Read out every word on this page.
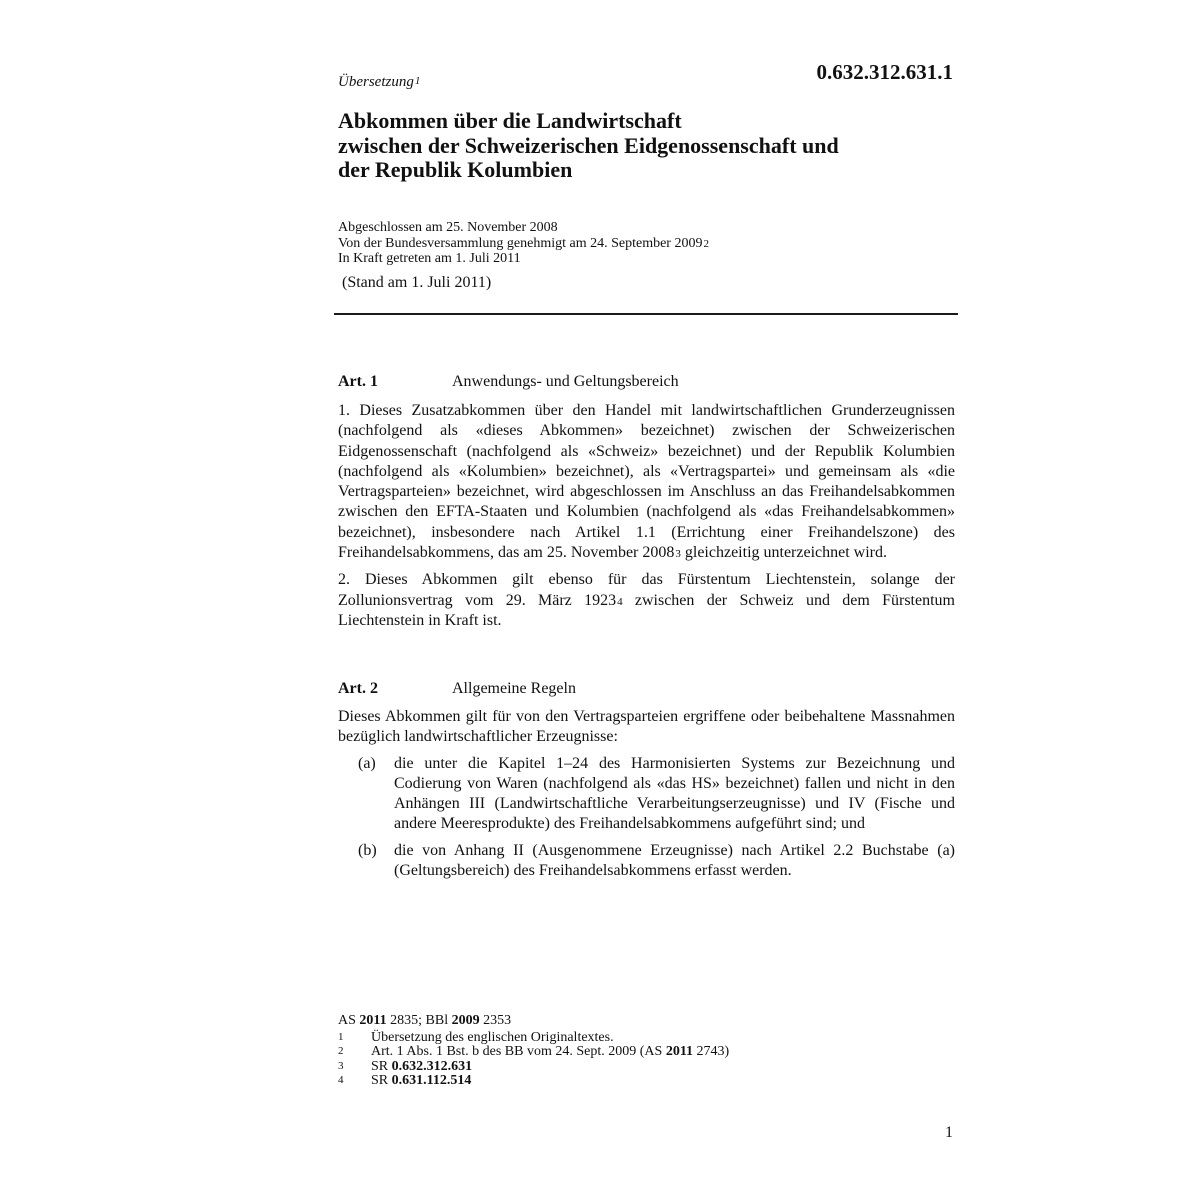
Übersetzung$^1$	0.632.312.631.1
Abkommen über die Landwirtschaft
zwischen der Schweizerischen Eidgenossenschaft und
der Republik Kolumbien
Abgeschlossen am 25. November 2008
Von der Bundesversammlung genehmigt am 24. September 2009$^2$
In Kraft getreten am 1. Juli 2011
(Stand am 1. Juli 2011)
Art. 1	Anwendungs- und Geltungsbereich

1. Dieses Zusatzabkommen über den Handel mit landwirtschaftlichen Grunderzeugnissen (nachfolgend als «dieses Abkommen» bezeichnet) zwischen der Schweizerischen Eidgenossenschaft (nachfolgend als «Schweiz» bezeichnet) und der Republik Kolumbien (nachfolgend als «Kolumbien» bezeichnet), als «Vertragspartei» und gemeinsam als «die Vertragsparteien» bezeichnet, wird abgeschlossen im Anschluss an das Freihandelsabkommen zwischen den EFTA-Staaten und Kolumbien (nachfolgend als «das Freihandelsabkommen» bezeichnet), insbesondere nach Artikel 1.1 (Errichtung einer Freihandelszone) des Freihandelsabkommens, das am 25. November 2008$^3$ gleichzeitig unterzeichnet wird.

2. Dieses Abkommen gilt ebenso für das Fürstentum Liechtenstein, solange der Zollunionsvertrag vom 29. März 1923$^4$ zwischen der Schweiz und dem Fürstentum Liechtenstein in Kraft ist.

Art. 2	Allgemeine Regeln

Dieses Abkommen gilt für von den Vertragsparteien ergriffene oder beibehaltene Massnahmen bezüglich landwirtschaftlicher Erzeugnisse:

(a)	die unter die Kapitel 1–24 des Harmonisierten Systems zur Bezeichnung und Codierung von Waren (nachfolgend als «das HS» bezeichnet) fallen und nicht in den Anhängen III (Landwirtschaftliche Verarbeitungserzeugnisse) und IV (Fische und andere Meeresprodukte) des Freihandelsabkommens aufgeführt sind; und

(b)	die von Anhang II (Ausgenommene Erzeugnisse) nach Artikel 2.2 Buchstabe (a) (Geltungsbereich) des Freihandelsabkommens erfasst werden.

AS 2011 2835; BBl 2009 2353
1	Übersetzung des englischen Originaltextes.
2	Art. 1 Abs. 1 Bst. b des BB vom 24. Sept. 2009 (AS 2011 2743)
3	SR 0.632.312.631
4	SR 0.631.112.514
1
